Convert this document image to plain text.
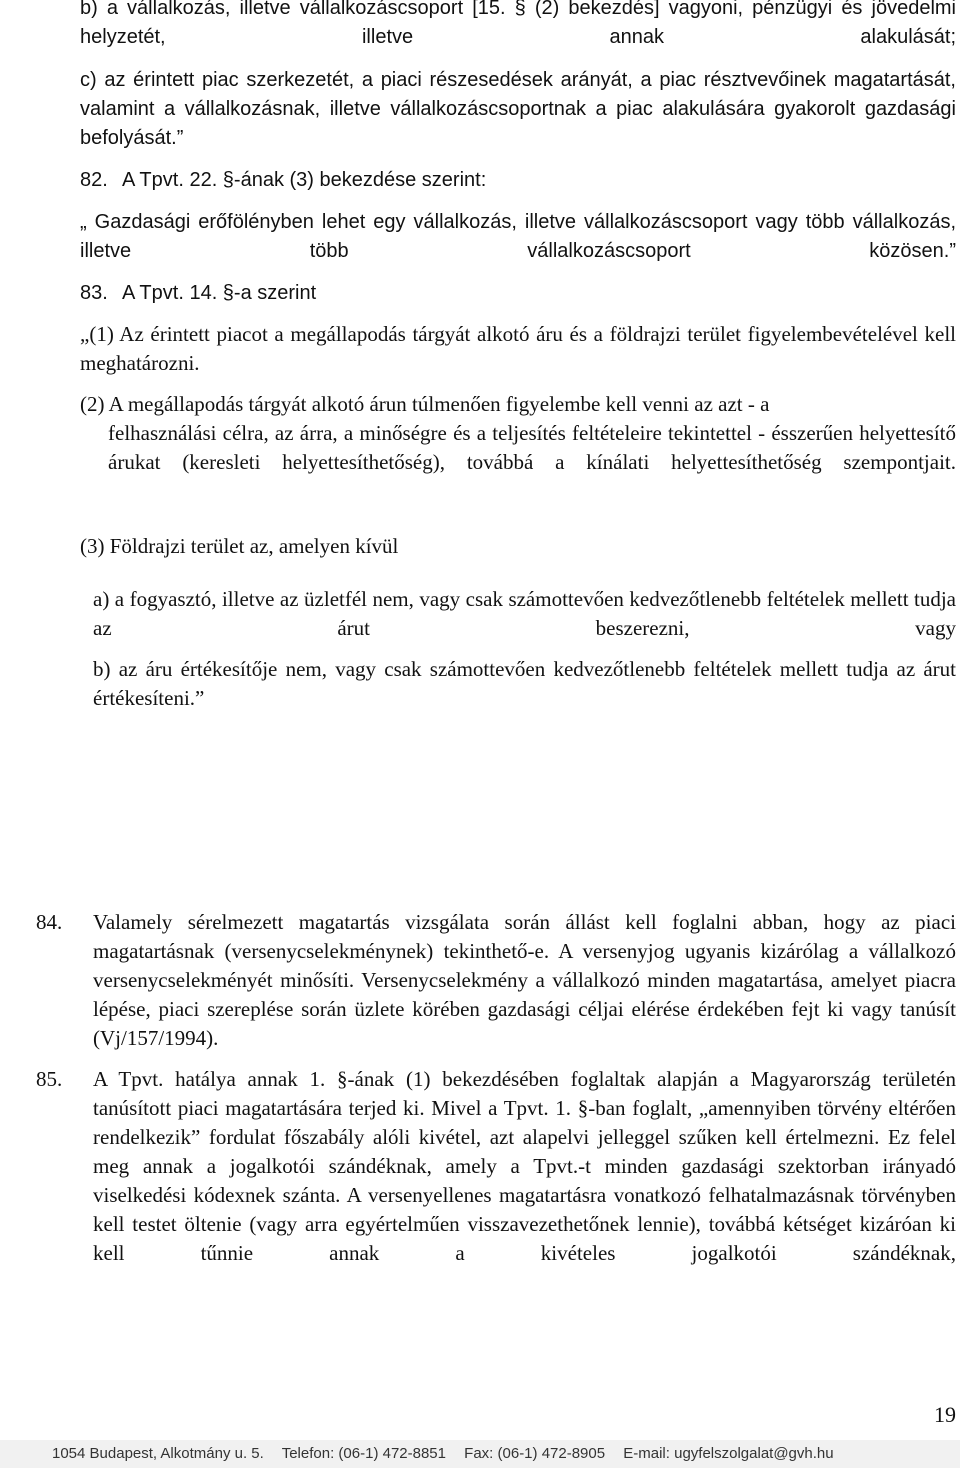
b) a vállalkozás, illetve vállalkozáscsoport [15. § (2) bekezdés] vagyoni, pénzügyi és jövedelmi helyzetét, illetve annak alakulását;

c) az érintett piac szerkezetét, a piaci részesedések arányát, a piac résztvevőinek magatartását, valamint a vállalkozásnak, illetve vállalkozáscsoportnak a piac alakulására gyakorolt gazdasági befolyását.”

82. A Tpvt. 22. §-ának (3) bekezdése szerint:

„ Gazdasági erőfölényben lehet egy vállalkozás, illetve vállalkozáscsoport vagy több vállalkozás, illetve több vállalkozáscsoport közösen.”

83. A Tpvt. 14. §-a szerint

„(1) Az érintett piacot a megállapodás tárgyát alkotó áru és a földrajzi terület figyelembevételével kell meghatározni.

(2) A megállapodás tárgyát alkotó árun túlmenően figyelembe kell venni az azt - a

felhasználási célra, az árra, a minőségre és a teljesítés feltételeire tekintettel - ésszerűen helyettesítő árukat (keresleti helyettesíthetőség), továbbá a kínálati helyettesíthetőség szempontjait.

(3) Földrajzi terület az, amelyen kívül

a) a fogyasztó, illetve az üzletfél nem, vagy csak számottevően kedvezőtlenebb feltételek mellett tudja az árut beszerezni, vagy

b) az áru értékesítője nem, vagy csak számottevően kedvezőtlenebb feltételek mellett tudja az árut értékesíteni.”

84. Valamely sérelmezett magatartás vizsgálata során állást kell foglalni abban, hogy az piaci magatartásnak (versenycselekménynek) tekinthető-e. A versenyjog ugyanis kizárólag a vállalkozó versenycselekményét minősíti. Versenycselekmény a vállalkozó minden magatartása, amelyet piacra lépése, piaci szereplése során üzlete körében gazdasági céljai elérése érdekében fejt ki vagy tanúsít (Vj/157/1994).

85. A Tpvt. hatálya annak 1. §-ának (1) bekezdésében foglaltak alapján a Magyarország területén tanúsított piaci magatartására terjed ki. Mivel a Tpvt. 1. §-ban foglalt, „amennyiben törvény eltérően rendelkezik” fordulat főszabály alóli kivétel, azt alapelvi jelleggel szűken kell értelmezni. Ez felel meg annak a jogalkotói szándéknak, amely a Tpvt.-t minden gazdasági szektorban irányadó viselkedési kódexnek szánta. A versenyellenes magatartásra vonatkozó felhatalmazásnak törvényben kell testet öltenie (vagy arra egyértelműen visszavezethetőnek lennie), továbbá kétséget kizáróan ki kell tűnnie annak a kivételes jogalkotói szándéknak,

19

1054 Budapest, Alkotmány u. 5. Telefon: (06-1) 472-8851 Fax: (06-1) 472-8905 E-mail: ugyfelszolgalat@gvh.hu
